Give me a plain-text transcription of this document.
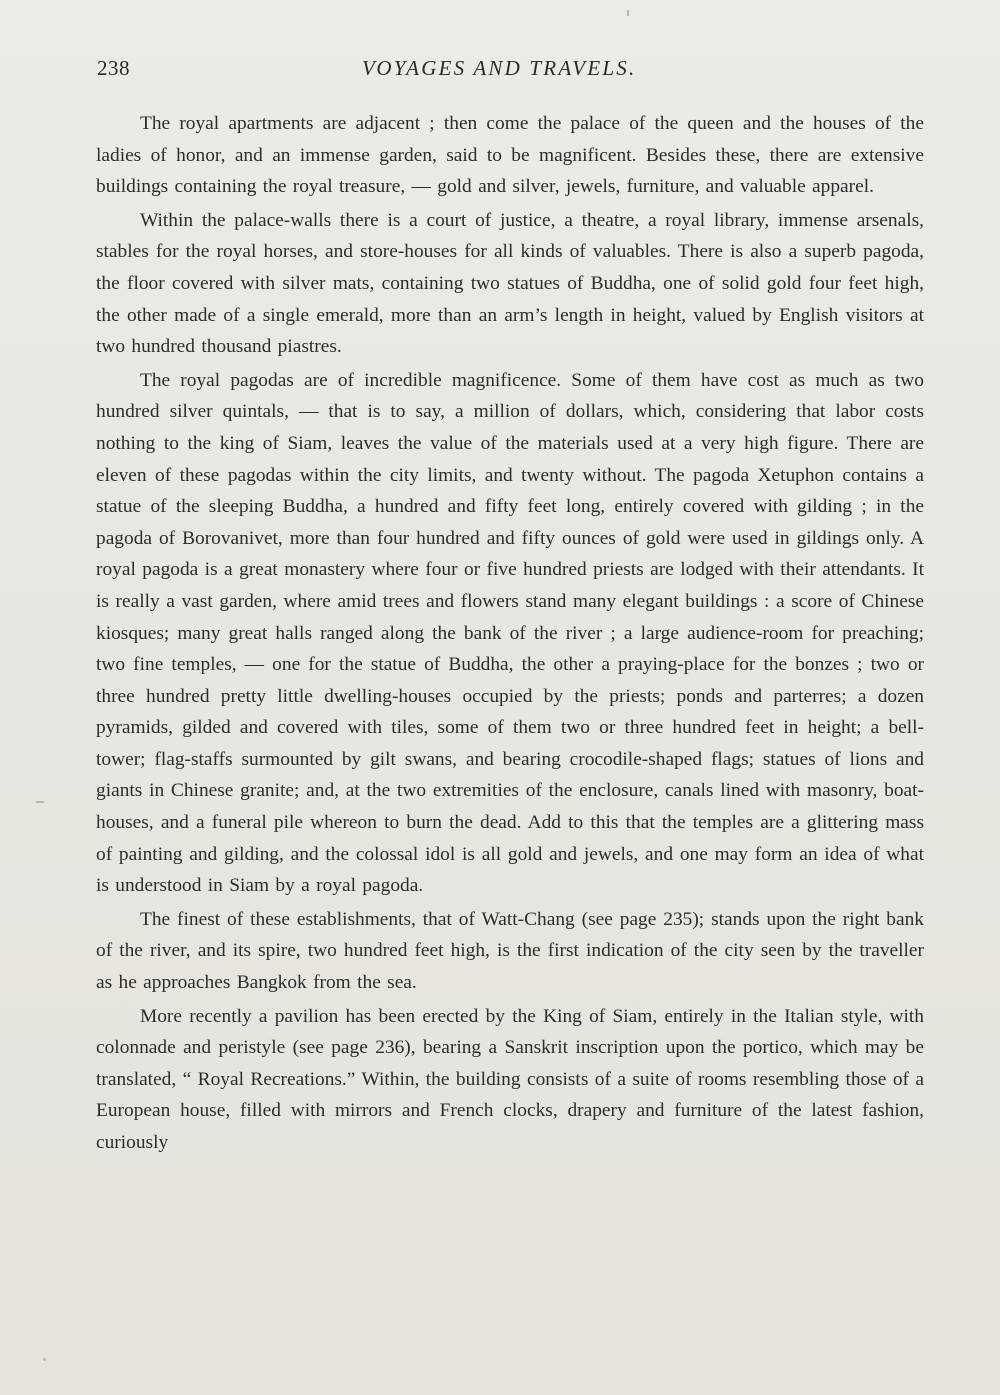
238	VOYAGES AND TRAVELS.

The royal apartments are adjacent ; then come the palace of the queen and the houses of the ladies of honor, and an immense garden, said to be magnificent. Besides these, there are extensive buildings containing the royal treasure, — gold and silver, jewels, furniture, and valuable apparel.

Within the palace-walls there is a court of justice, a theatre, a royal library, immense arsenals, stables for the royal horses, and store-houses for all kinds of valuables. There is also a superb pagoda, the floor covered with silver mats, containing two statues of Buddha, one of solid gold four feet high, the other made of a single emerald, more than an arm’s length in height, valued by English visitors at two hundred thousand piastres.

The royal pagodas are of incredible magnificence. Some of them have cost as much as two hundred silver quintals, — that is to say, a million of dollars, which, considering that labor costs nothing to the king of Siam, leaves the value of the materials used at a very high figure. There are eleven of these pagodas within the city limits, and twenty without. The pagoda Xetuphon contains a statue of the sleeping Buddha, a hundred and fifty feet long, entirely covered with gilding ; in the pagoda of Borovanivet, more than four hundred and fifty ounces of gold were used in gildings only. A royal pagoda is a great monastery where four or five hundred priests are lodged with their attendants. It is really a vast garden, where amid trees and flowers stand many elegant buildings : a score of Chinese kiosques; many great halls ranged along the bank of the river ; a large audience-room for preaching; two fine temples, — one for the statue of Buddha, the other a praying-place for the bonzes ; two or three hundred pretty little dwelling-houses occupied by the priests; ponds and parterres; a dozen pyramids, gilded and covered with tiles, some of them two or three hundred feet in height; a bell-tower; flag-staffs surmounted by gilt swans, and bearing crocodile-shaped flags; statues of lions and giants in Chinese granite; and, at the two extremities of the enclosure, canals lined with masonry, boat-houses, and a funeral pile whereon to burn the dead. Add to this that the temples are a glittering mass of painting and gilding, and the colossal idol is all gold and jewels, and one may form an idea of what is understood in Siam by a royal pagoda.

The finest of these establishments, that of Watt-Chang (see page 235); stands upon the right bank of the river, and its spire, two hundred feet high, is the first indication of the city seen by the traveller as he approaches Bangkok from the sea.

More recently a pavilion has been erected by the King of Siam, entirely in the Italian style, with colonnade and peristyle (see page 236), bearing a Sanskrit inscription upon the portico, which may be translated, “ Royal Recreations.” Within, the building consists of a suite of rooms resembling those of a European house, filled with mirrors and French clocks, drapery and furniture of the latest fashion, curiously
